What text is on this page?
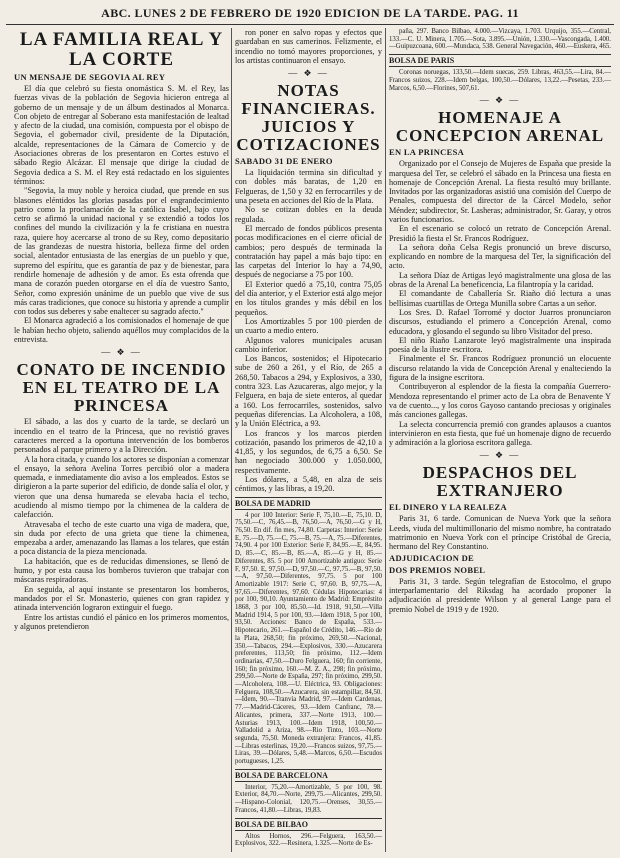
ABC. LUNES 2 DE FEBRERO DE 1920 EDICION DE LA TARDE. PAG. 11
LA FAMILIA REAL Y LA CORTE
UN MENSAJE DE SEGOVIA AL REY

El día que celebró su fiesta onomástica S. M. el Rey, las fuerzas vivas de la población de Segovia hicieron entrega al goberno de un mensaje y de un álbum destinados al Monarca. Con objeto de entregar al Soberano esta manifestación de lealtad y afecto de la ciudad, una comisión, compuesta por el obispo de Segovia, el gobernador civil, presidente de la Diputación, alcalde, representaciones de la Cámara de Comercio y de Asociaciones obreras de los presentaron en Cortes estuvo el sábado Regio Alcázar. El mensaje que dirige la ciudad de Segovia dedica a S. M. el Rey está redactado en los siguientes términos:

"Segovia, la muy noble y heroica ciudad, que prende en sus blasones eléntidos las glorias pasadas por el engrandecimiento patrio como la proclamación de la católica Isabel, bajo cuyo cetro se afirmó la unidad nacional y se extendió a todos los confines del mundo la civilización y la fe cristiana en nuestra raza, quiere hoy acercarse al trono de su Rey, como depositario de las grandezas de nuestra historia, belleza firme del orden social, alentador entusiasta de las energías de un pueblo y que, supremo del espíritu, que es garantía de paz y de bienestar, para rendirle homenaje de adhesión y de amor. Es esta ofrenda que mana de corazón pueden otorgarse en el día de vuestro Santo, Señor, como expresión unánime de un pueblo que vive de sus más caras tradiciones, que conoce su historia y aprende a cumplir con todos sus deberes y sabe enaltecer su sagrado afecto."

El Monarca agradeció a los comisionados el homenaje de que le habían hecho objeto, saliendo aquéllos muy complacidos de la entrevista.

— ❖ —
CONATO DE INCENDIO EN EL TEATRO DE LA PRINCESA

El sábado, a las dos y cuarto de la tarde, se declaró un incendio en el teatro de la Princesa, que no revistió graves caracteres merced a la oportuna intervención de los bomberos personados al parque primero y a la Dirección.

A la hora citada, y cuando los actores se disponían a comenzar el ensayo, la señora Avelina Torres percibió olor a madera quemada, e inmediatamente dio aviso a los empleados. Estos se dirigieron a la parte superior del edificio, de donde salía el olor, y vieron que una densa humareda se elevaba hacia el techo, acudiendo al mismo tiempo por la chimenea de la caldera de calefacción.

Atravesaba el techo de este cuarto una viga de madera, que, sin duda por efecto de una grieta que tiene la chimenea, empezaba a arder, amenazando las llamas a los telares, que están a poca distancia de la pieza mencionada.

La habitación, que es de reducidas dimensiones, se llenó de humo, y por esta causa los bomberos tuvieron que trabajar con máscaras respiradoras.

En seguida, al aquí instante se presentaron los bomberos, mandados por el Sr. Monasterio, quienes con gran rapidez y atinada intervención lograron extinguir el fuego.

Entre los artistas cundió el pánico en los primeros momentos, y algunos pretendieron

ron poner en salvo ropas y efectos que guardaban en sus camerinos. Felizmente, el incendio no tomó mayores proporciones, y los artistas continuaron el ensayo.

— ❖ —
NOTAS FINANCIERAS. JUICIOS Y COTIZACIONES
SABADO 31 DE ENERO

La liquidación termina sin dificultad y con dobles más baratas, de 1,20 en Felgueras, de 1,50 y 32 en ferrocarriles y de una peseta en acciones del Río de la Plata.

No se cotizan dobles en la deuda regulada.

El mercado de fondos públicos presenta pocas modificaciones en el cierre oficial de cambios; pero después de terminada la contratación hay papel a más bajo tipo: en las carpetas del Interior lo hay a 74,90, después de negociarse a 75 por 100.

El Exterior quedó a 75,10, contra 75,05 del día anterior, y el Exterior está algo mejor en los títulos grandes y más débil en los pequeños.

Los Amortizables 5 por 100 pierden de un cuarto a medio entero.

Algunos valores municipales acusan cambio inferior.

Los Bancos, sostenidos; el Hipotecario sube de 260 a 261, y el Río, de 265 a 268,50. Tabacos a 294, y Explosivos, a 330, contra 323. Las Azucareras, algo mejor, y la Felguera, en baja de siete enteros, al quedar a 160. Los ferrocarriles, sostenidos, salvo pequeñas diferencias. La Alcoholera, a 108, y la Unión Eléctrica, a 93.

Los francos y los marcos pierden cotización, pasando los primeros de 42,10 a 41,85, y los segundos, de 6,75 a 6,50. Se han negociado 300.000 y 1.050.000, respectivamente.

Los dólares, a 5,48, en alza de seis céntimos, y las libras, a 19,20.

BOLSA DE MADRID

4 por 100 Interior: Serie F, 75,10.—E, 75,10. D, 75,50.—C, 76,45.—B, 76,50.—A, 76,50.—G y H, 76,50. En dif. fin mes, 74,80. Carpetas: Interior: Serie E, 75.—D, 75.—C, 75.—B, 75.—A, 75.—Diferentes, 74,90. 4 por 100 Exterior: Serie F, 84,95.—E, 84,95. D, 85.—C, 85.—B, 85.—A, 85.—G y H, 85.—Diferentes, 85. 5 por 100 Amortizable antiguo: Serie F, 97,50. E, 97,50.—D, 97,50.—C, 97,75.—B, 97,50.—A, 97,50.—Diferentes, 97,75. 5 por 100 Amortizable 1917: Serie C, 97,60. B, 97,75.—A, 97,65.—Diferentes, 97,60. Cédulas Hipotecarias: 4 por 100, 90,10. Ayuntamiento de Madrid: Empréstito 1868, 3 por 100, 85,50.—Id. 1918, 91,50.—Villa Madrid 1914, 5 por 100, 93.—Idem 1918, 5 por 100, 93,50. Acciones: Banco de España, 533.—Hipotecario, 261.—Español de Crédito, 146.—Río de la Plata, 268,50; fin próximo, 269,50.—Nacional, 350.—Tabacos, 294.—Explosivos, 330.—Azucarera preferentes, 113,50; fin próximo, 112.—Idem ordinarias, 47,50.—Duro Felguera, 160; fin corriente, 160; fin próximo, 160.—M. Z. A., 298; fin próximo, 299,50.—Norte de España, 297; fin próximo, 299,50.—Alcoholera, 108.—U. Eléctrica, 93. Obligaciones: Felguera, 108,50.—Azucarera, sin estampillar, 84,50.—Idem, 90.—Tranvía Madrid, 97.—Idem Cardenas, 77.—Madrid-Cáceres, 93.—Idem Canfranc, 78.—Alicantes, primera, 337.—Norte 1913, 100.—Asturias 1913, 100.—Idem 1918, 100,50.—Valladolid a Ariza, 98.—Rio Tinto, 103.—Norte segunda, 75,50. Moneda extranjera: Francos, 41,85.—Libras esterlinas, 19,20.—Francos suizos, 97,75.—Liras, 39.—Dólares, 5,48.—Marcos, 6,50.—Escudos portugueses, 1,25.

BOLSA DE BARCELONA

Interior, 75,20.—Amortizable, 5 por 100, 98. Exterior, 84,70.—Norte, 299,75.—Alicantes, 299,50.—Hispano-Colonial, 120,75.—Orenses, 30,55.—Francos, 41,80.—Libras, 19,83.

BOLSA DE BILBAO

Altos Hornos, 296.—Felguera, 163,50.—Explosivos, 322.—Resinera, 1.325.—Norte de Es-

paña, 297. Banco Bilbao, 4.000.—Vizcaya, 1.703. Urquijo, 355.—Central, 133.—C. U. Minera, 1.705.—Sota, 3.895.—Unión, 1.330.—Vascongada, 1.400.—Guipuzcoana, 600.—Mundaca, 538. General Navegación, 460.—Euskera, 465.

BOLSA DE PARIS

Coronas noruegas, 133,50.—Idem suecas, 259. Libras, 463,55.—Lira, 84.—Francos suizos, 228.—Idem belgas, 100,50.—Dólares, 13,22.—Pesetas, 233.—Marcos, 6,50.—Florines, 507,61.

— ❖ —
HOMENAJE A CONCEPCION ARENAL
EN LA PRINCESA

Organizado por el Consejo de Mujeres de España que preside la marquesa del Ter, se celebró el sábado en la Princesa una fiesta en homenaje de Concepción Arenal. La fiesta resultó muy brillante. Invitados por las organizadoras asistió una comisión del Cuerpo de Penales, compuesta del director de la Cárcel Modelo, señor Méndez; subdirector, Sr. Lasheras; administrador, Sr. Garay, y otros varios funcionarios.

En el escenario se colocó un retrato de Concepción Arenal. Presidió la fiesta el Sr. Francos Rodríguez.

La señora doña Celsa Regis pronunció un breve discurso, explicando en nombre de la marquesa del Ter, la significación del acto.

La señora Díaz de Artigas leyó magistralmente una glosa de las obras de la Arenal La beneficencia, La filantropía y la caridad.

El comandante de Caballería Sr. Riaño dió lectura a unas bellísimas cuartillas de Ortega Munilla sobre Cartas a un señor.

Los Sres. D. Rafael Torromé y doctor Juarros pronunciaron discursos, estudiando el primero a Concepción Arenal, como educadora, y glosando el segundo su libro Visitador del preso.

El niño Riaño Lanzarote leyó magistralmente una inspirada poesía de la ilustre escritora.

Finalmente el Sr. Francos Rodríguez pronunció un elocuente discurso relatando la vida de Concepción Arenal y enalteciendo la figura de la insigne escritora.

Contribuyeron al esplendor de la fiesta la compañía Guerrero-Mendoza representando el primer acto de La obra de Benavente Y va de cuento..., y los coros Gayoso cantando preciosas y originales más canciones gallegas.

La selecta concurrencia premió con grandes aplausos a cuantos intervinieron en esta fiesta, que fué un homenaje digno de recuerdo y admiración a la gloriosa escritora gallega.

— ❖ —
DESPACHOS DEL EXTRANJERO
EL DINERO Y LA REALEZA

Paris 31, 6 tarde. Comunican de Nueva York que la señora Leeds, viuda del multimillonario del mismo nombre, ha contratado matrimonio en Nueva York con el príncipe Cristóbal de Grecia, hermano del Rey Constantino.

ADJUDICACION DE
DOS PREMIOS NOBEL

Paris 31, 3 tarde. Según telegrafían de Estocolmo, el grupo interparlamentario del Riksdag ha acordado proponer la adjudicación al presidente Wilson y al general Lange para el premio Nobel de 1919 y de 1920.
